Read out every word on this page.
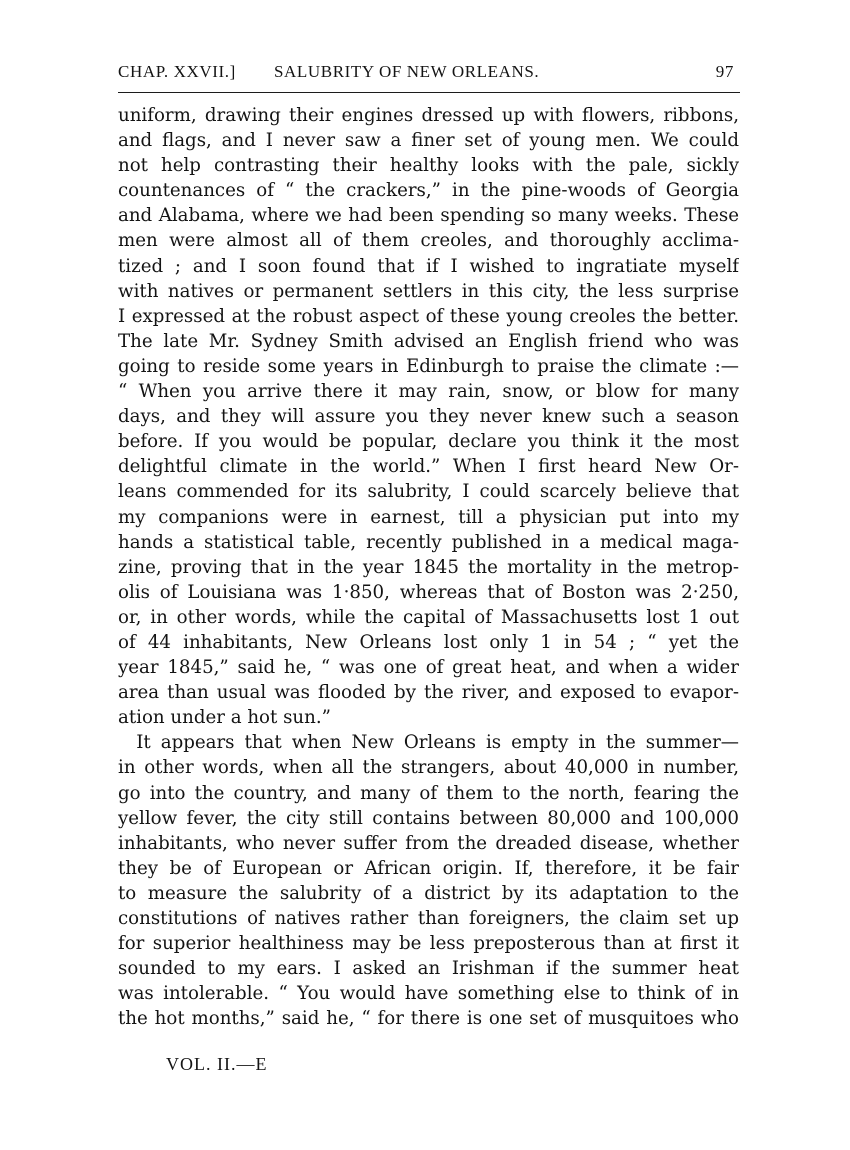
CHAP. XXVII.] SALUBRITY OF NEW ORLEANS.	97
uniform, drawing their engines dressed up with flowers, ribbons,
and flags, and I never saw a finer set of young men. We could
not help contrasting their healthy looks with the pale, sickly
countenances of “ the crackers,” in the pine-woods of Georgia
and Alabama, where we had been spending so many weeks. These
men were almost all of them creoles, and thoroughly acclima-
tized ; and I soon found that if I wished to ingratiate myself
with natives or permanent settlers in this city, the less surprise
I expressed at the robust aspect of these young creoles the better.
The late Mr. Sydney Smith advised an English friend who was
going to reside some years in Edinburgh to praise the climate :—
“ When you arrive there it may rain, snow, or blow for many
days, and they will assure you they never knew such a season
before. If you would be popular, declare you think it the most
delightful climate in the world.” When I first heard New Or-
leans commended for its salubrity, I could scarcely believe that
my companions were in earnest, till a physician put into my
hands a statistical table, recently published in a medical maga-
zine, proving that in the year 1845 the mortality in the metrop-
olis of Louisiana was 1·850, whereas that of Boston was 2·250,
or, in other words, while the capital of Massachusetts lost 1 out
of 44 inhabitants, New Orleans lost only 1 in 54 ; “ yet the
year 1845,” said he, “ was one of great heat, and when a wider
area than usual was flooded by the river, and exposed to evapor-
ation under a hot sun.”
 It appears that when New Orleans is empty in the summer—
in other words, when all the strangers, about 40,000 in number,
go into the country, and many of them to the north, fearing the
yellow fever, the city still contains between 80,000 and 100,000
inhabitants, who never suffer from the dreaded disease, whether
they be of European or African origin. If, therefore, it be fair
to measure the salubrity of a district by its adaptation to the
constitutions of natives rather than foreigners, the claim set up
for superior healthiness may be less preposterous than at first it
sounded to my ears. I asked an Irishman if the summer heat
was intolerable. “ You would have something else to think of in
the hot months,” said he, “ for there is one set of musquitoes who
VOL. II.—E
